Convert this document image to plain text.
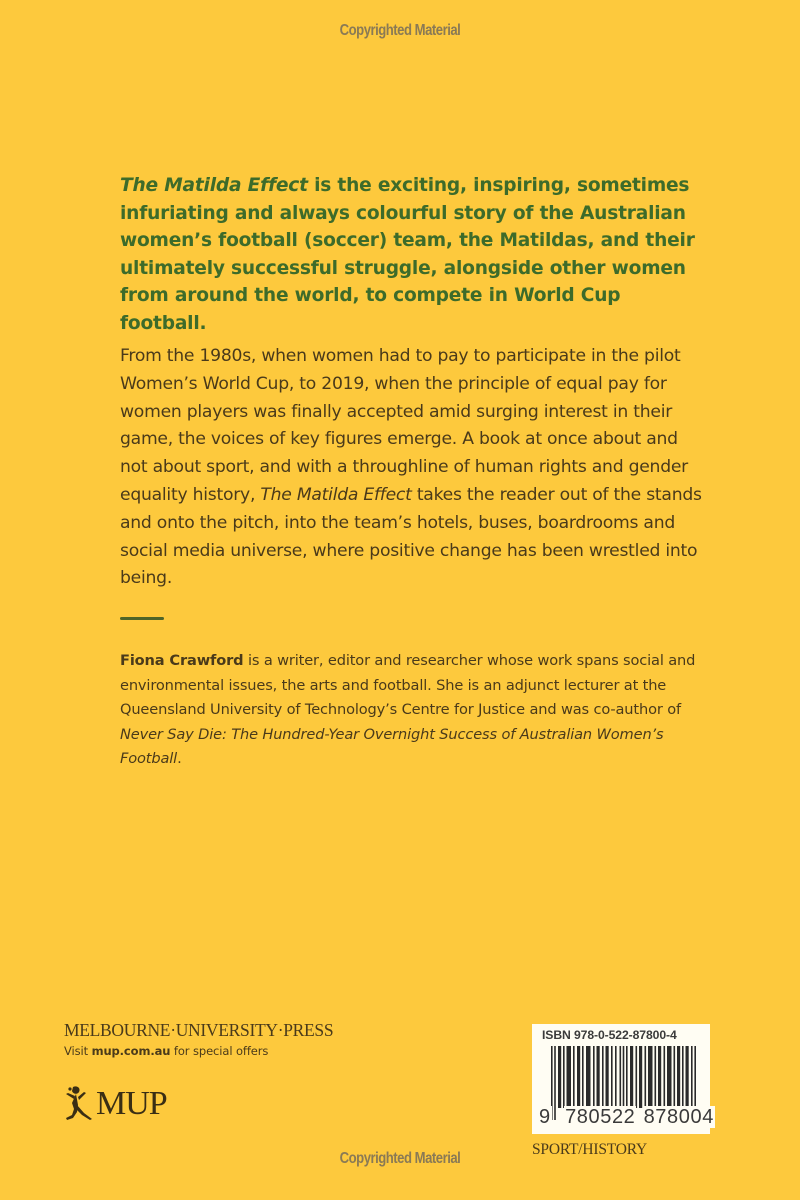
Copyrighted Material
The Matilda Effect is the exciting, inspiring, sometimes infuriating and always colourful story of the Australian women’s football (soccer) team, the Matildas, and their ultimately successful struggle, alongside other women from around the world, to compete in World Cup football.
From the 1980s, when women had to pay to participate in the pilot Women’s World Cup, to 2019, when the principle of equal pay for women players was finally accepted amid surging interest in their game, the voices of key figures emerge. A book at once about and not about sport, and with a throughline of human rights and gender equality history, The Matilda Effect takes the reader out of the stands and onto the pitch, into the team’s hotels, buses, boardrooms and social media universe, where positive change has been wrestled into being.
Fiona Crawford is a writer, editor and researcher whose work spans social and environmental issues, the arts and football. She is an adjunct lecturer at the Queensland University of Technology’s Centre for Justice and was co-author of Never Say Die: The Hundred-Year Overnight Success of Australian Women’s Football.
MELBOURNE·UNIVERSITY·PRESS
Visit mup.com.au for special offers
MUP
ISBN 978-0-522-87800-4
9 780522 878004
SPORT/HISTORY
Copyrighted Material
